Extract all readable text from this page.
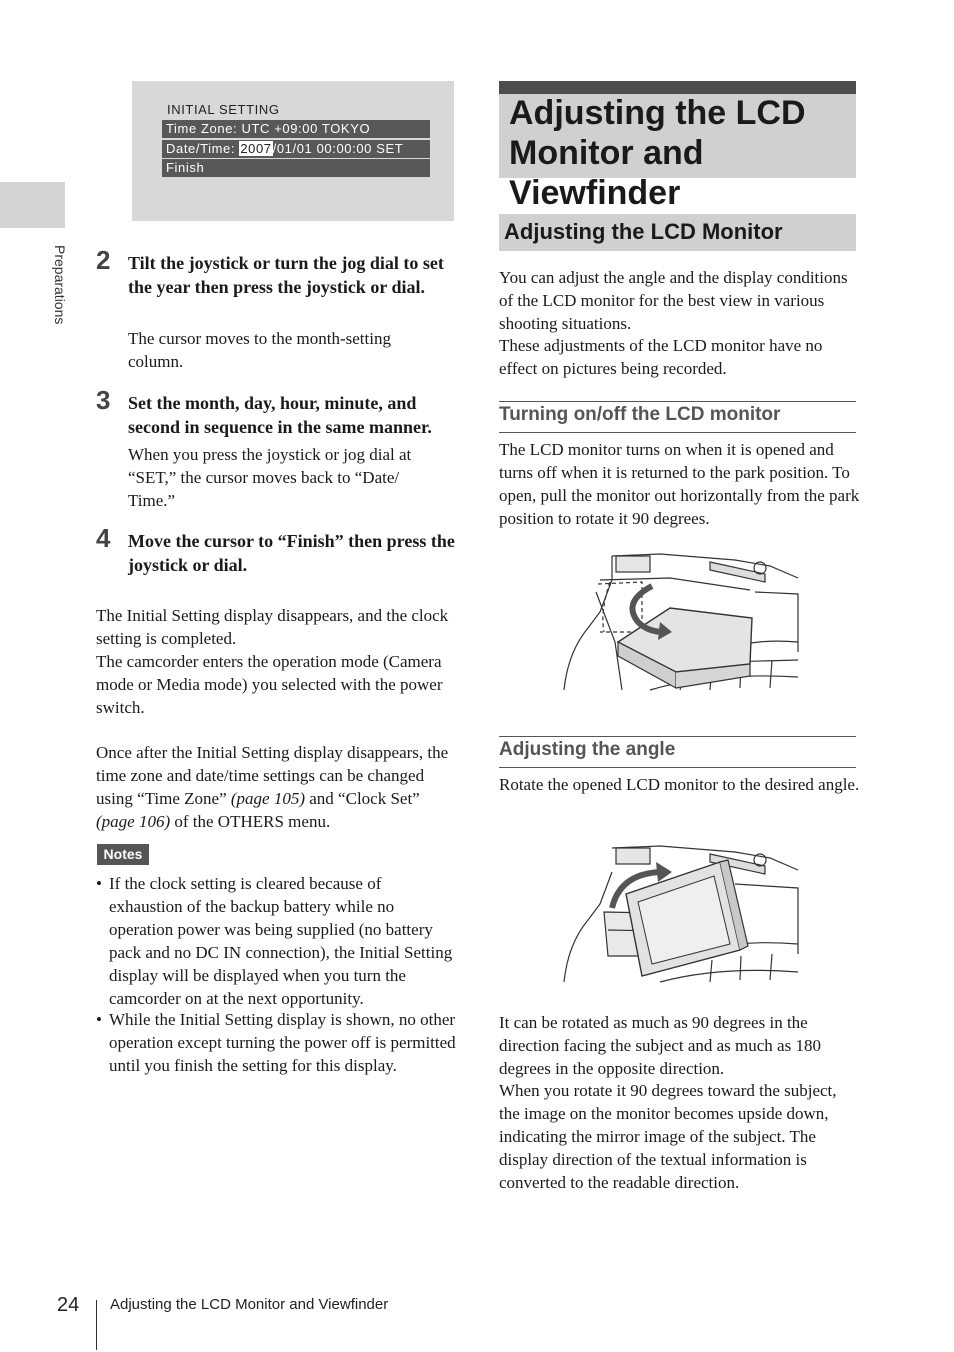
Preparations
INITIAL SETTING
Time Zone: UTC +09:00 TOKYO
Date/Time: 2007/01/01 00:00:00 SET
Finish
2 Tilt the joystick or turn the jog dial to set the year then press the joystick or dial.
The cursor moves to the month-setting column.
3 Set the month, day, hour, minute, and second in sequence in the same manner.
When you press the joystick or jog dial at “SET,” the cursor moves back to “Date/ Time.”
4 Move the cursor to “Finish” then press the joystick or dial.
The Initial Setting display disappears, and the clock setting is completed.
The camcorder enters the operation mode (Camera mode or Media mode) you selected with the power switch.
Once after the Initial Setting display disappears, the time zone and date/time settings can be changed using “Time Zone” (page 105) and “Clock Set” (page 106) of the OTHERS menu.
Notes
• If the clock setting is cleared because of exhaustion of the backup battery while no operation power was being supplied (no battery pack and no DC IN connection), the Initial Setting display will be displayed when you turn the camcorder on at the next opportunity.
• While the Initial Setting display is shown, no other operation except turning the power off is permitted until you finish the setting for this display.
Adjusting the LCD Monitor and Viewfinder
Adjusting the LCD Monitor
You can adjust the angle and the display conditions of the LCD monitor for the best view in various shooting situations.
These adjustments of the LCD monitor have no effect on pictures being recorded.
Turning on/off the LCD monitor
The LCD monitor turns on when it is opened and turns off when it is returned to the park position. To open, pull the monitor out horizontally from the park position to rotate it 90 degrees.
Adjusting the angle
Rotate the opened LCD monitor to the desired angle.
It can be rotated as much as 90 degrees in the direction facing the subject and as much as 180 degrees in the opposite direction.
When you rotate it 90 degrees toward the subject, the image on the monitor becomes upside down, indicating the mirror image of the subject. The display direction of the textual information is converted to the readable direction.
24 Adjusting the LCD Monitor and Viewfinder
